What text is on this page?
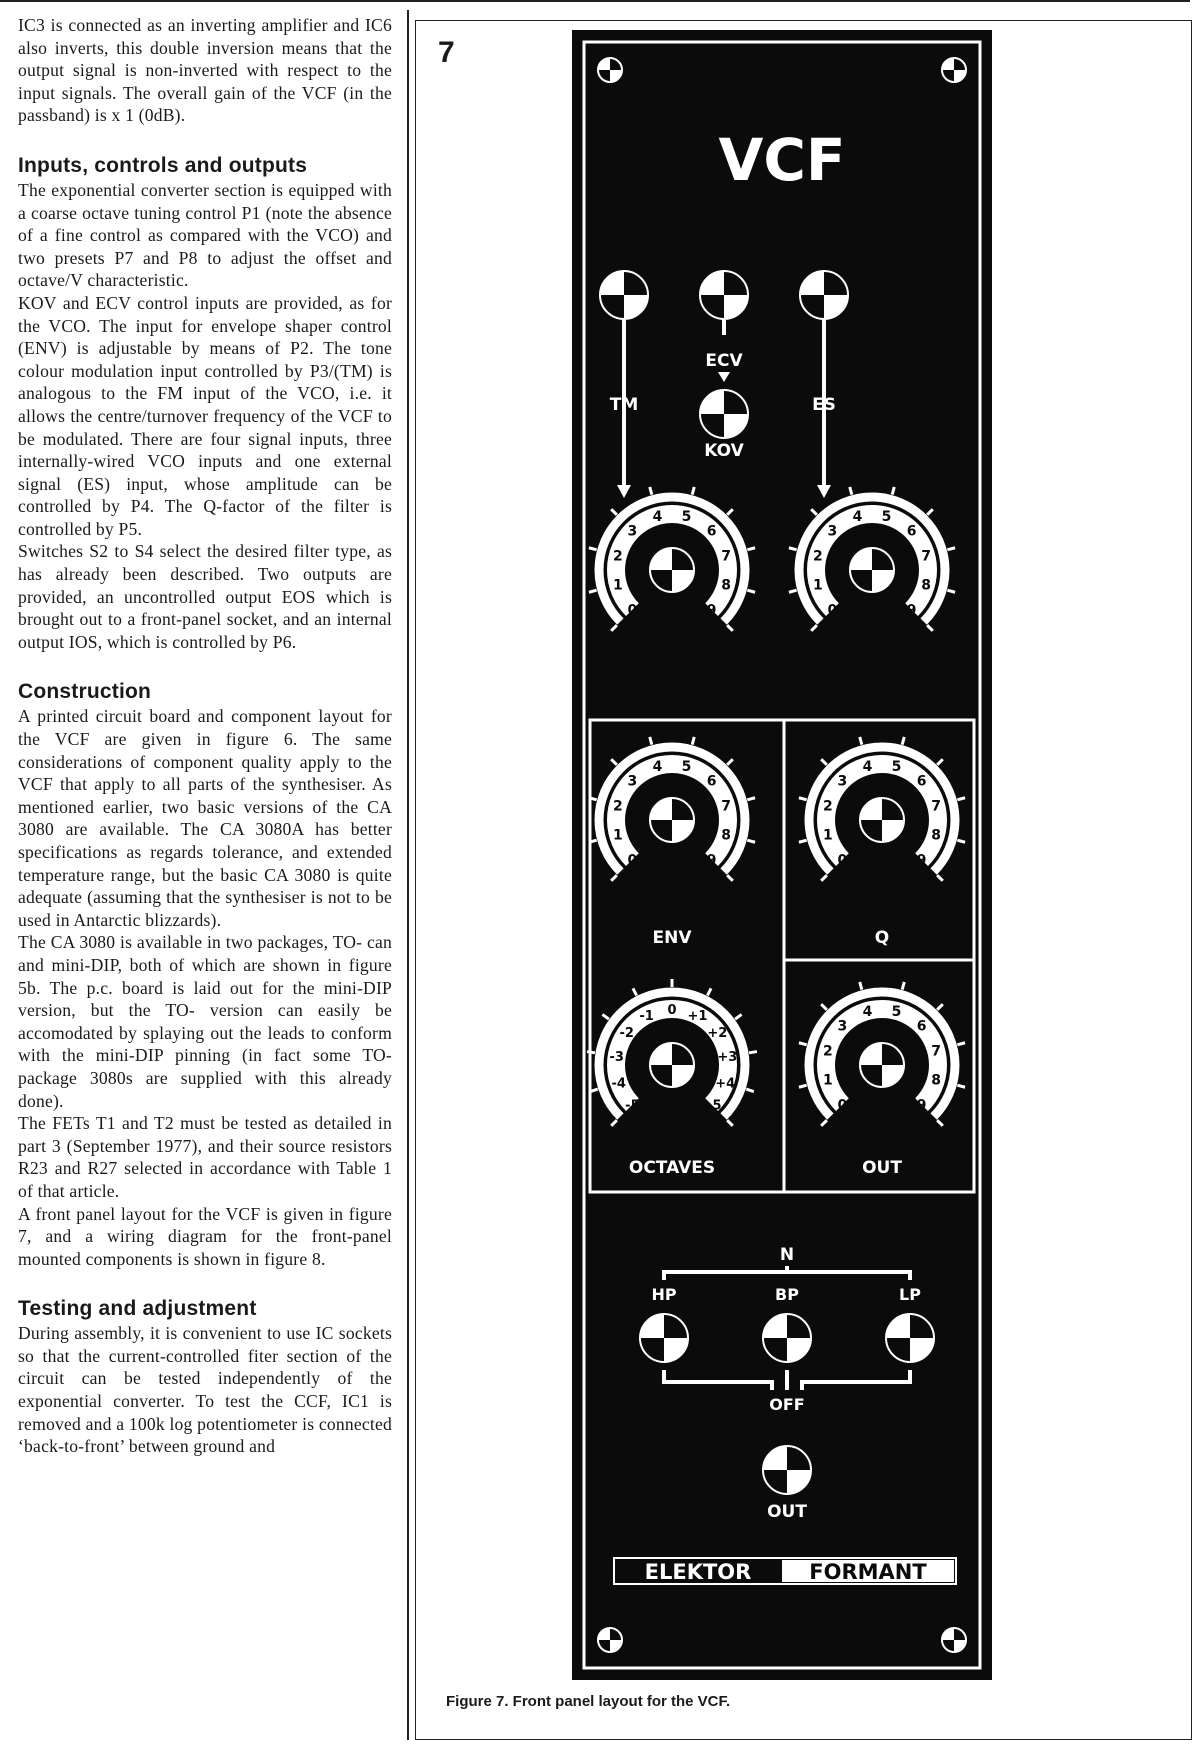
IC3 is connected as an inverting amplifier and IC6 also inverts, this double inversion means that the output signal is non-inverted with respect to the input signals. The overall gain of the VCF (in the passband) is x 1 (0dB).

Inputs, controls and outputs

The exponential converter section is equipped with a coarse octave tuning control P1 (note the absence of a fine control as compared with the VCO) and two presets P7 and P8 to adjust the offset and octave/V characteristic.

KOV and ECV control inputs are provided, as for the VCO. The input for envelope shaper control (ENV) is adjustable by means of P2. The tone colour modulation input controlled by P3/(TM) is analogous to the FM input of the VCO, i.e. it allows the centre/turnover frequency of the VCF to be modulated. There are four signal inputs, three internally-wired VCO inputs and one external signal (ES) input, whose amplitude can be controlled by P4. The Q-factor of the filter is controlled by P5.

Switches S2 to S4 select the desired filter type, as has already been described. Two outputs are provided, an uncontrolled output EOS which is brought out to a front-panel socket, and an internal output IOS, which is controlled by P6.

Construction

A printed circuit board and component layout for the VCF are given in figure 6. The same considerations of component quality apply to the VCF that apply to all parts of the synthesiser. As mentioned earlier, two basic versions of the CA 3080 are available. The CA 3080A has better specifications as regards tolerance, and extended temperature range, but the basic CA 3080 is quite adequate (assuming that the synthesiser is not to be used in Antarctic blizzards).

The CA 3080 is available in two packages, TO- can and mini-DIP, both of which are shown in figure 5b. The p.c. board is laid out for the mini-DIP version, but the TO- version can easily be accomodated by splaying out the leads to conform with the mini-DIP pinning (in fact some TO- package 3080s are supplied with this already done).

The FETs T1 and T2 must be tested as detailed in part 3 (September 1977), and their source resistors R23 and R27 selected in accordance with Table 1 of that article.

A front panel layout for the VCF is given in figure 7, and a wiring diagram for the front-panel mounted components is shown in figure 8.

Testing and adjustment

During assembly, it is convenient to use IC sockets so that the current-controlled fiter section of the circuit can be tested independently of the exponential converter. To test the CCF, IC1 is removed and a 100k log potentiometer is connected ‘back-to-front’ between ground and

7
VCF
ECV
TM	ES
KOV
ENV	Q
OCTAVES	OUT
N
HP	BP	LP
OFF
OUT
ELEKTOR	FORMANT
0
1
2
3
4 5
6
7
8
9	0
1
2
3
4 5
6
7
8
9
0
1
2
3
4 5
6
7
8
9	0
1
2
3
4 5
6
7
8
9
-5
-4
-3
-2
-1 0 +1
+2
+3
+4
+5	0
1
2
3
4 5
6
7
8
9
Figure 7. Front panel layout for the VCF.
